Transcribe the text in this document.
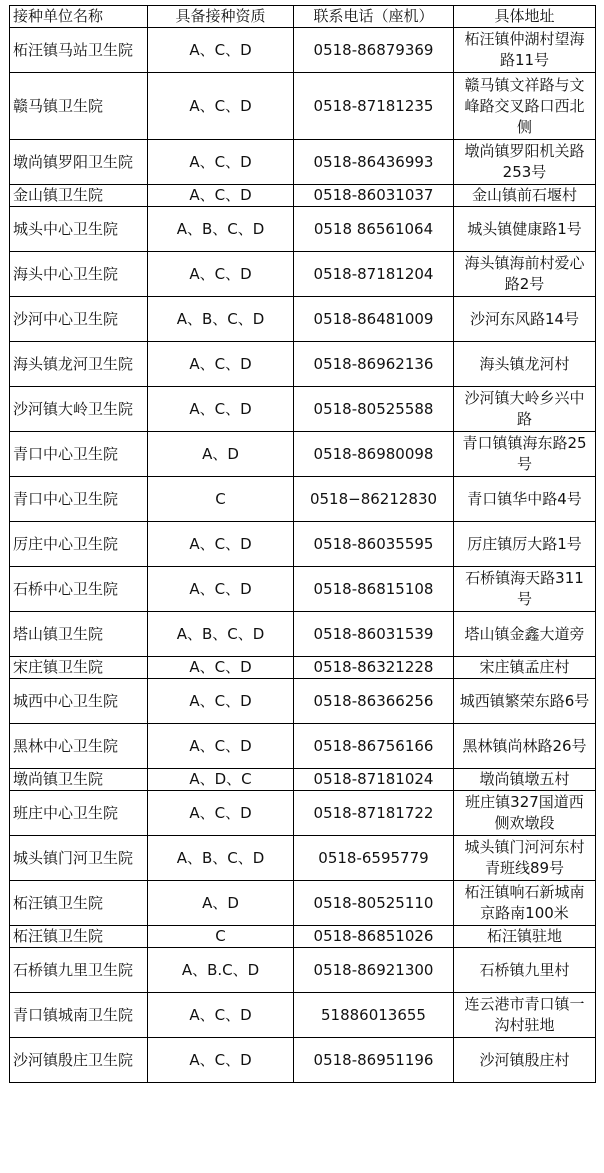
接种单位名称	具备接种资质	联系电话（座机）	具体地址
柘汪镇马站卫生院	A、C、D	0518-86879369	柘汪镇仲湖村望海路11号
赣马镇卫生院	A、C、D	0518-87181235	赣马镇文祥路与文峰路交叉路口西北侧
墩尚镇罗阳卫生院	A、C、D	0518-86436993	墩尚镇罗阳机关路253号
金山镇卫生院	A、C、D	0518-86031037	金山镇前石堰村
城头中心卫生院	A、B、C、D	0518 86561064	城头镇健康路1号
海头中心卫生院	A、C、D	0518-87181204	海头镇海前村爱心路2号
沙河中心卫生院	A、B、C、D	0518-86481009	沙河东风路14号
海头镇龙河卫生院	A、C、D	0518-86962136	海头镇龙河村
沙河镇大岭卫生院	A、C、D	0518-80525588	沙河镇大岭乡兴中路
青口中心卫生院	A、D	0518-86980098	青口镇镇海东路25号
青口中心卫生院	C	0518−86212830	青口镇华中路4号
厉庄中心卫生院	A、C、D	0518-86035595	厉庄镇厉大路1号
石桥中心卫生院	A、C、D	0518-86815108	石桥镇海天路311号
塔山镇卫生院	A、B、C、D	0518-86031539	塔山镇金鑫大道旁
宋庄镇卫生院	A、C、D	0518-86321228	宋庄镇孟庄村
城西中心卫生院	A、C、D	0518-86366256	城西镇繁荣东路6号
黑林中心卫生院	A、C、D	0518-86756166	黑林镇尚林路26号
墩尚镇卫生院	A、D、C	0518-87181024	墩尚镇墩五村
班庄中心卫生院	A、C、D	0518-87181722	班庄镇327国道西侧欢墩段
城头镇门河卫生院	A、B、C、D	0518-6595779	城头镇门河河东村青班线89号
柘汪镇卫生院	A、D	0518-80525110	柘汪镇响石新城南京路南100米
柘汪镇卫生院	C	0518-86851026	柘汪镇驻地
石桥镇九里卫生院	A、B.C、D	0518-86921300	石桥镇九里村
青口镇城南卫生院	A、C、D	51886013655	连云港市青口镇一沟村驻地
沙河镇殷庄卫生院	A、C、D	0518-86951196	沙河镇殷庄村
